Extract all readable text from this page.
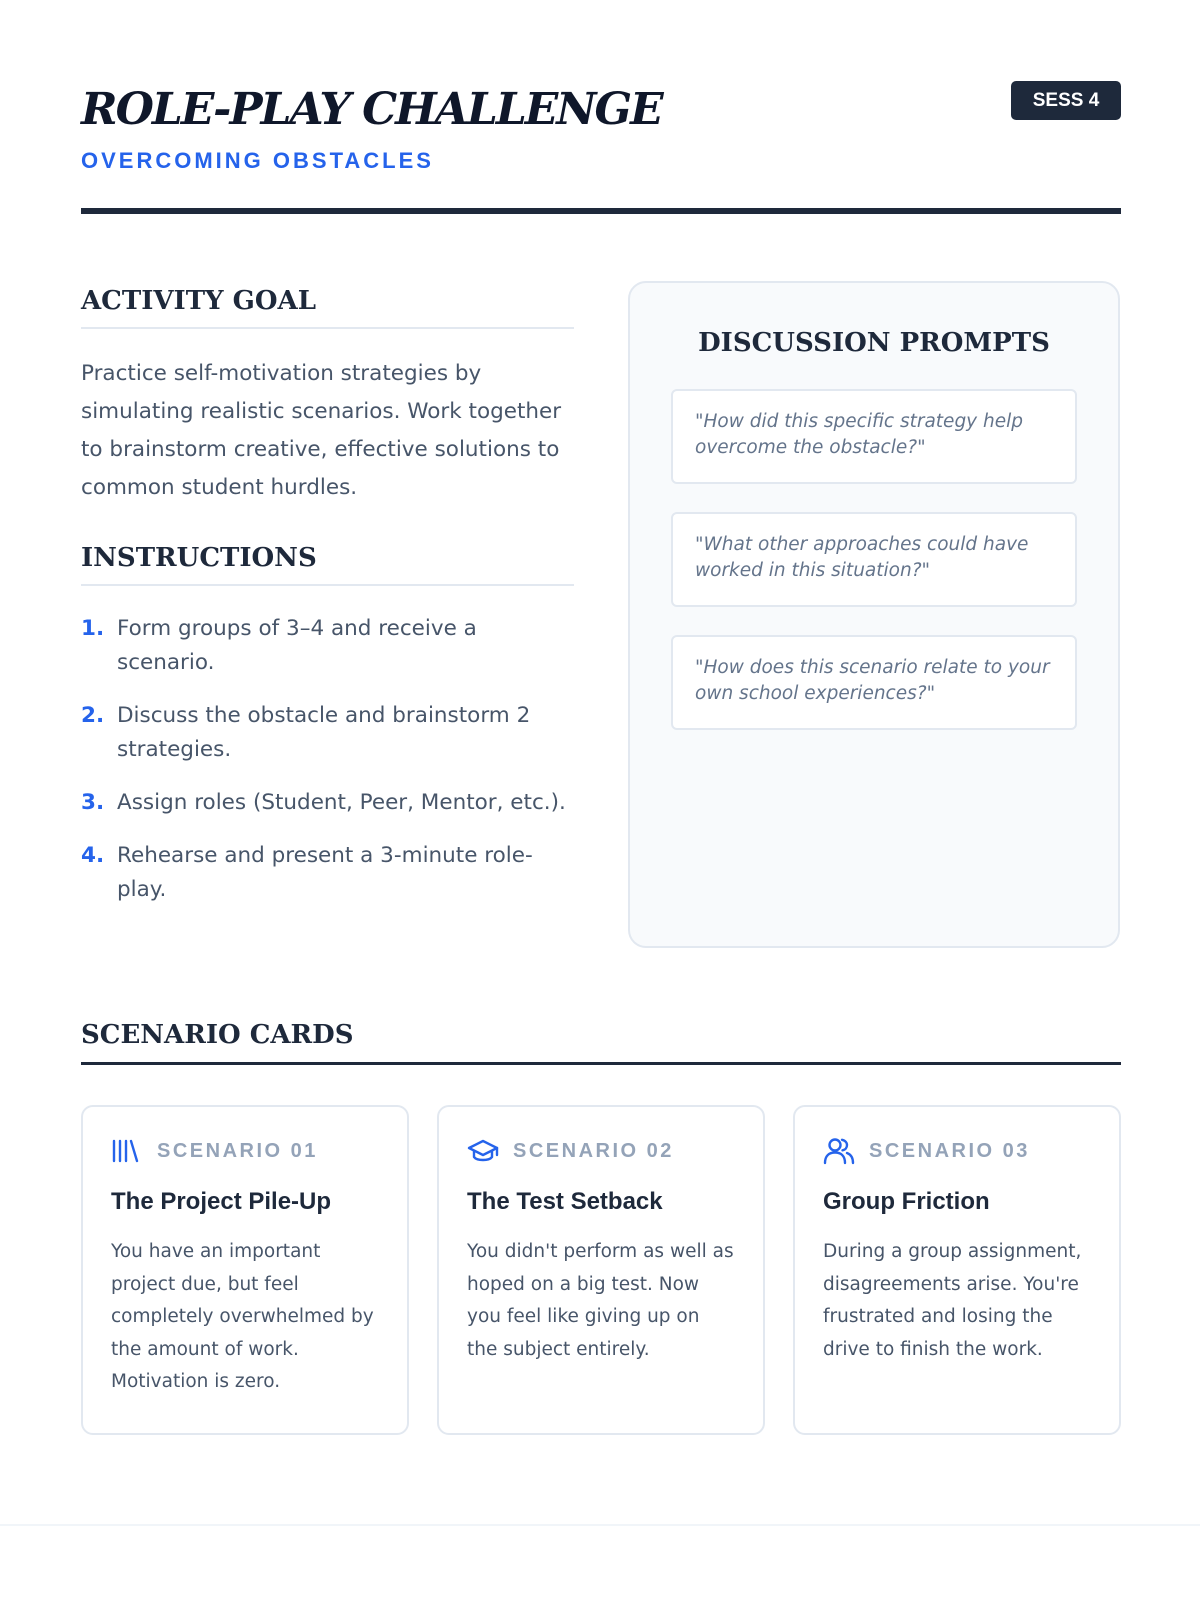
ROLE-PLAY CHALLENGE
OVERCOMING OBSTACLES
SESS 4
ACTIVITY GOAL

Practice self-motivation strategies by simulating realistic scenarios. Work together to brainstorm creative, effective solutions to common student hurdles.

INSTRUCTIONS
1. Form groups of 3–4 and receive a scenario.
2. Discuss the obstacle and brainstorm 2 strategies.
3. Assign roles (Student, Peer, Mentor, etc.).
4. Rehearse and present a 3-minute role-play.
DISCUSSION PROMPTS
"How did this specific strategy help overcome the obstacle?"
"What other approaches could have worked in this situation?"
"How does this scenario relate to your own school experiences?"
SCENARIO CARDS
SCENARIO 01
The Project Pile-Up
You have an important project due, but feel completely overwhelmed by the amount of work. Motivation is zero.
SCENARIO 02
The Test Setback
You didn't perform as well as hoped on a big test. Now you feel like giving up on the subject entirely.
SCENARIO 03
Group Friction
During a group assignment, disagreements arise. You're frustrated and losing the drive to finish the work.
